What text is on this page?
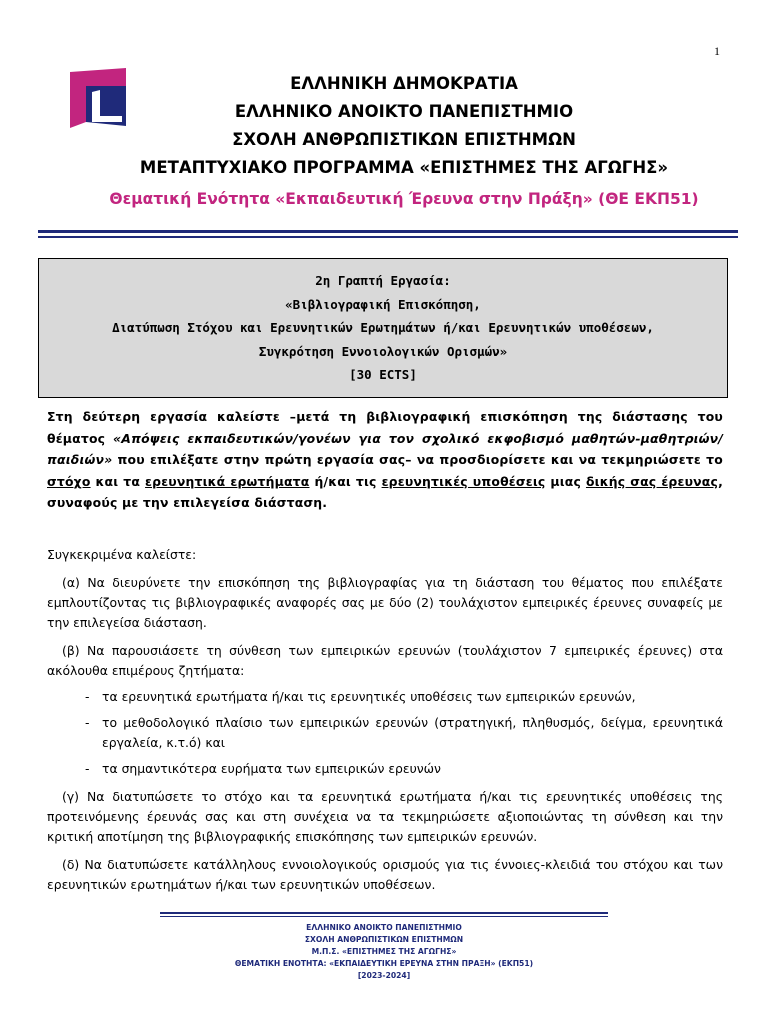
1
ΕΛΛΗΝΙΚΗ ΔΗΜΟΚΡΑΤΙΑ
ΕΛΛΗΝΙΚΟ ΑΝΟΙΚΤΟ ΠΑΝΕΠΙΣΤΗΜΙΟ
ΣΧΟΛΗ ΑΝΘΡΩΠΙΣΤΙΚΩΝ ΕΠΙΣΤΗΜΩΝ
ΜΕΤΑΠΤΥΧΙΑΚΟ ΠΡΟΓΡΑΜΜΑ «ΕΠΙΣΤΗΜΕΣ ΤΗΣ ΑΓΩΓΗΣ»
Θεματική Ενότητα «Εκπαιδευτική Έρευνα στην Πράξη» (ΘΕ ΕΚΠ51)
2η Γραπτή Εργασία:
«Βιβλιογραφική Επισκόπηση,
Διατύπωση Στόχου και Ερευνητικών Ερωτημάτων ή/και Ερευνητικών υποθέσεων,
Συγκρότηση Εννοιολογικών Ορισμών»
[30 ECTS]
Στη δεύτερη εργασία καλείστε –μετά τη βιβλιογραφική επισκόπηση της διάστασης του θέματος «Απόψεις εκπαιδευτικών/γονέων για τον σχολικό εκφοβισμό μαθητών-μαθητριών/παιδιών» που επιλέξατε στην πρώτη εργασία σας– να προσδιορίσετε και να τεκμηριώσετε το στόχο και τα ερευνητικά ερωτήματα ή/και τις ερευνητικές υποθέσεις μιας δικής σας έρευνας, συναφούς με την επιλεγείσα διάσταση.
Συγκεκριμένα καλείστε:
(α) Να διευρύνετε την επισκόπηση της βιβλιογραφίας για τη διάσταση του θέματος που επιλέξατε εμπλουτίζοντας τις βιβλιογραφικές αναφορές σας με δύο (2) τουλάχιστον εμπειρικές έρευνες συναφείς με την επιλεγείσα διάσταση.
(β) Να παρουσιάσετε τη σύνθεση των εμπειρικών ερευνών (τουλάχιστον 7 εμπειρικές έρευνες) στα ακόλουθα επιμέρους ζητήματα:
- τα ερευνητικά ερωτήματα ή/και τις ερευνητικές υποθέσεις των εμπειρικών ερευνών,
- το μεθοδολογικό πλαίσιο των εμπειρικών ερευνών (στρατηγική, πληθυσμός, δείγμα, ερευνητικά εργαλεία, κ.τ.ό) και
- τα σημαντικότερα ευρήματα των εμπειρικών ερευνών
(γ) Να διατυπώσετε το στόχο και τα ερευνητικά ερωτήματα ή/και τις ερευνητικές υποθέσεις της προτεινόμενης έρευνάς σας και στη συνέχεια να τα τεκμηριώσετε αξιοποιώντας τη σύνθεση και την κριτική αποτίμηση της βιβλιογραφικής επισκόπησης των εμπειρικών ερευνών.
(δ) Να διατυπώσετε κατάλληλους εννοιολογικούς ορισμούς για τις έννοιες-κλειδιά του στόχου και των ερευνητικών ερωτημάτων ή/και των ερευνητικών υποθέσεων.
ΕΛΛΗΝΙΚΟ ΑΝΟΙΚΤΟ ΠΑΝΕΠΙΣΤΗΜΙΟ
ΣΧΟΛΗ ΑΝΘΡΩΠΙΣΤΙΚΩΝ ΕΠΙΣΤΗΜΩΝ
Μ.Π.Σ. «ΕΠΙΣΤΗΜΕΣ ΤΗΣ ΑΓΩΓΗΣ»
ΘΕΜΑΤΙΚΗ ΕΝΟΤΗΤΑ: «ΕΚΠΑΙΔΕΥΤΙΚΗ ΕΡΕΥΝΑ ΣΤΗΝ ΠΡΑΞΗ» (ΕΚΠ51)
[2023-2024]
